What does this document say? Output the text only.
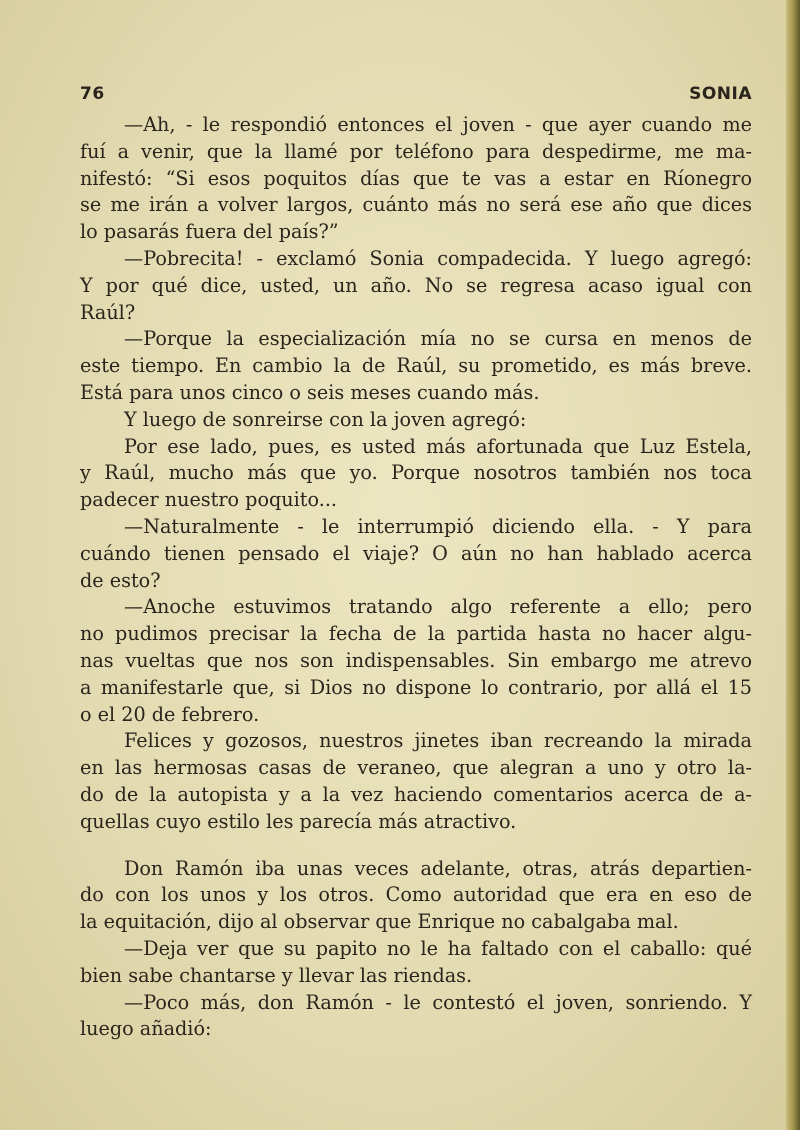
76	SONIA
—Ah, - le respondió entonces el joven - que ayer cuando me
fuí a venir, que la llamé por teléfono para despedirme, me ma-
nifestó: “Si esos poquitos días que te vas a estar en Ríonegro
se me irán a volver largos, cuánto más no será ese año que dices
lo pasarás fuera del país?”
—Pobrecita! - exclamó Sonia compadecida. Y luego agregó:
Y por qué dice, usted, un año. No se regresa acaso igual con
Raúl?
—Porque la especialización mía no se cursa en menos de
este tiempo. En cambio la de Raúl, su prometido, es más breve.
Está para unos cinco o seis meses cuando más.
Y luego de sonreirse con la joven agregó:
Por ese lado, pues, es usted más afortunada que Luz Estela,
y Raúl, mucho más que yo. Porque nosotros también nos toca
padecer nuestro poquito...
—Naturalmente - le interrumpió diciendo ella. - Y para
cuándo tienen pensado el viaje? O aún no han hablado acerca
de esto?
—Anoche estuvimos tratando algo referente a ello; pero
no pudimos precisar la fecha de la partida hasta no hacer algu-
nas vueltas que nos son indispensables. Sin embargo me atrevo
a manifestarle que, si Dios no dispone lo contrario, por allá el 15
o el 20 de febrero.
Felices y gozosos, nuestros jinetes iban recreando la mirada
en las hermosas casas de veraneo, que alegran a uno y otro la-
do de la autopista y a la vez haciendo comentarios acerca de a-
quellas cuyo estilo les parecía más atractivo.
Don Ramón iba unas veces adelante, otras, atrás departien-
do con los unos y los otros. Como autoridad que era en eso de
la equitación, dijo al observar que Enrique no cabalgaba mal.
—Deja ver que su papito no le ha faltado con el caballo: qué
bien sabe chantarse y llevar las riendas.
—Poco más, don Ramón - le contestó el joven, sonriendo. Y
luego añadió:
